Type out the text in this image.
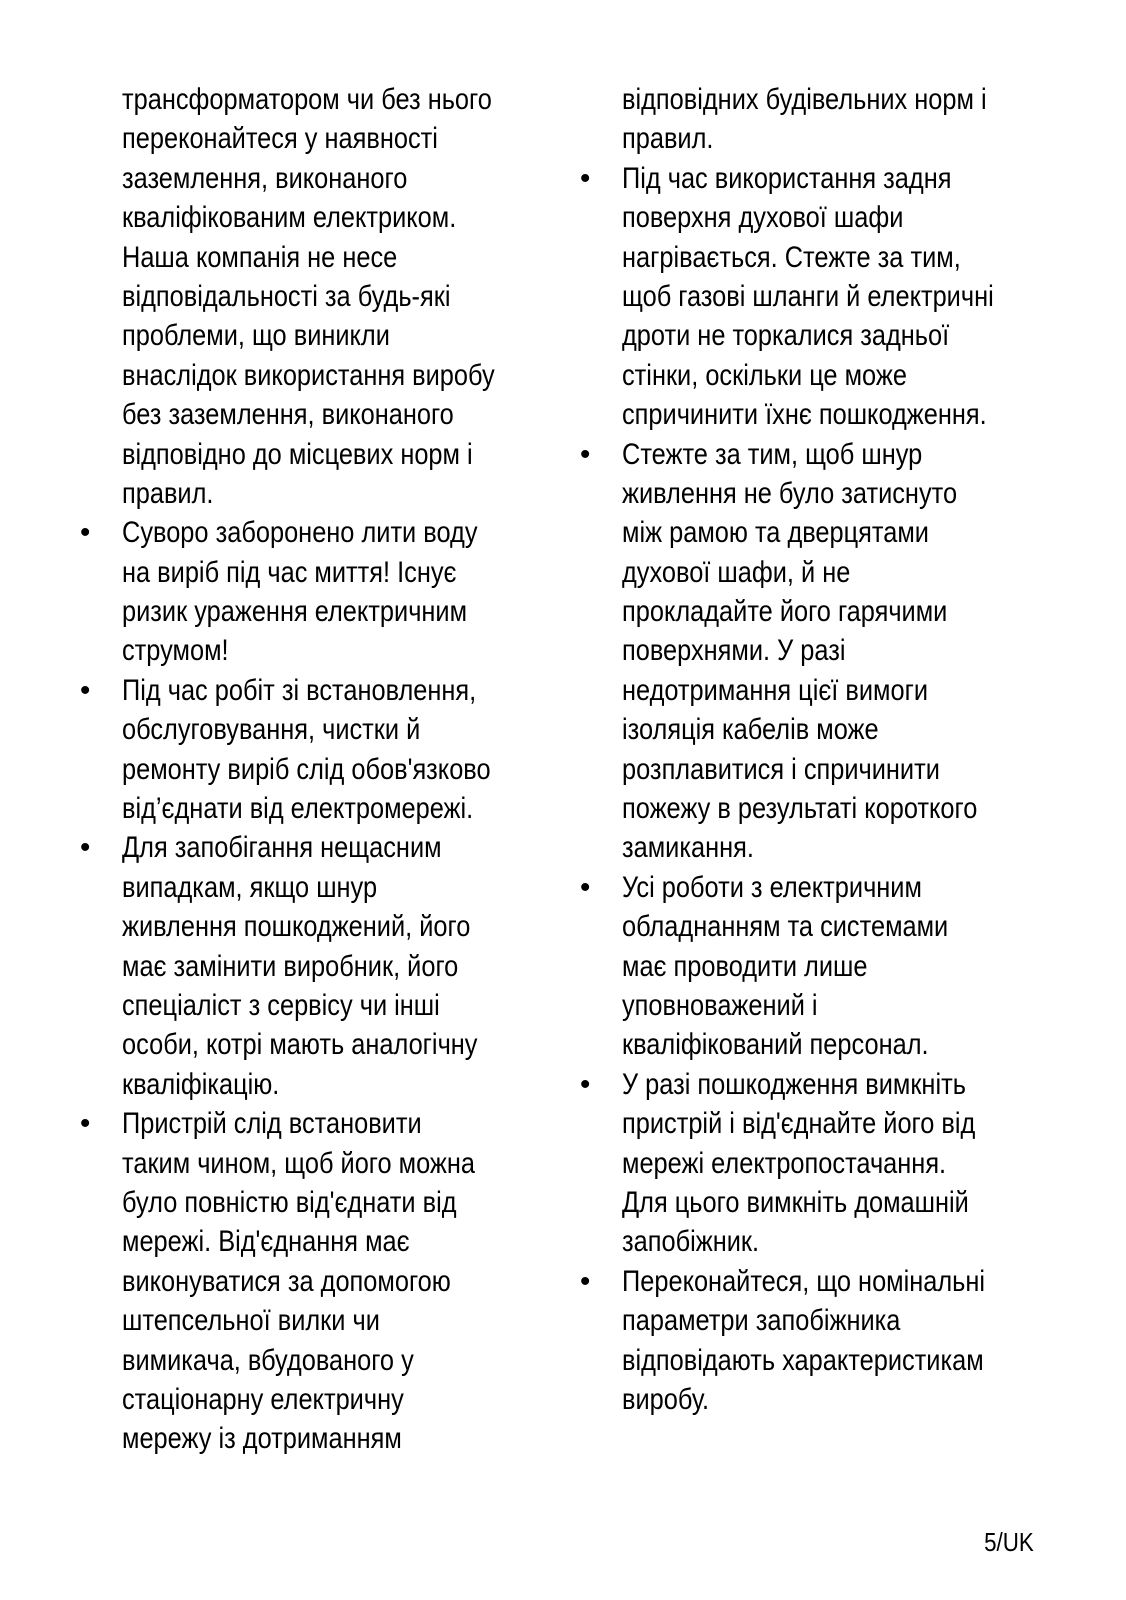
трансформатором чи без нього
переконайтеся у наявності
заземлення, виконаного
кваліфікованим електриком.
Наша компанія не несе
відповідальності за будь-які
проблеми, що виникли
внаслідок використання виробу
без заземлення, виконаного
відповідно до місцевих норм і
правил.
• Суворо заборонено лити воду
на виріб під час миття! Існує
ризик ураження електричним
струмом!
• Під час робіт зі встановлення,
обслуговування, чистки й
ремонту виріб слід обов'язково
від’єднати від електромережі.
• Для запобігання нещасним
випадкам, якщо шнур
живлення пошкоджений, його
має замінити виробник, його
спеціаліст з сервісу чи інші
особи, котрі мають аналогічну
кваліфікацію.
• Пристрій слід встановити
таким чином, щоб його можна
було повністю від'єднати від
мережі. Від'єднання має
виконуватися за допомогою
штепсельної вилки чи
вимикача, вбудованого у
стаціонарну електричну
мережу із дотриманням
відповідних будівельних норм і
правил.
• Під час використання задня
поверхня духової шафи
нагрівається. Стежте за тим,
щоб газові шланги й електричні
дроти не торкалися задньої
стінки, оскільки це може
спричинити їхнє пошкодження.
• Стежте за тим, щоб шнур
живлення не було затиснуто
між рамою та дверцятами
духової шафи, й не
прокладайте його гарячими
поверхнями. У разі
недотримання цієї вимоги
ізоляція кабелів може
розплавитися і спричинити
пожежу в результаті короткого
замикання.
• Усі роботи з електричним
обладнанням та системами
має проводити лише
уповноважений і
кваліфікований персонал.
• У разі пошкодження вимкніть
пристрій і від'єднайте його від
мережі електропостачання.
Для цього вимкніть домашній
запобіжник.
• Переконайтеся, що номінальні
параметри запобіжника
відповідають характеристикам
виробу.
5/UK
